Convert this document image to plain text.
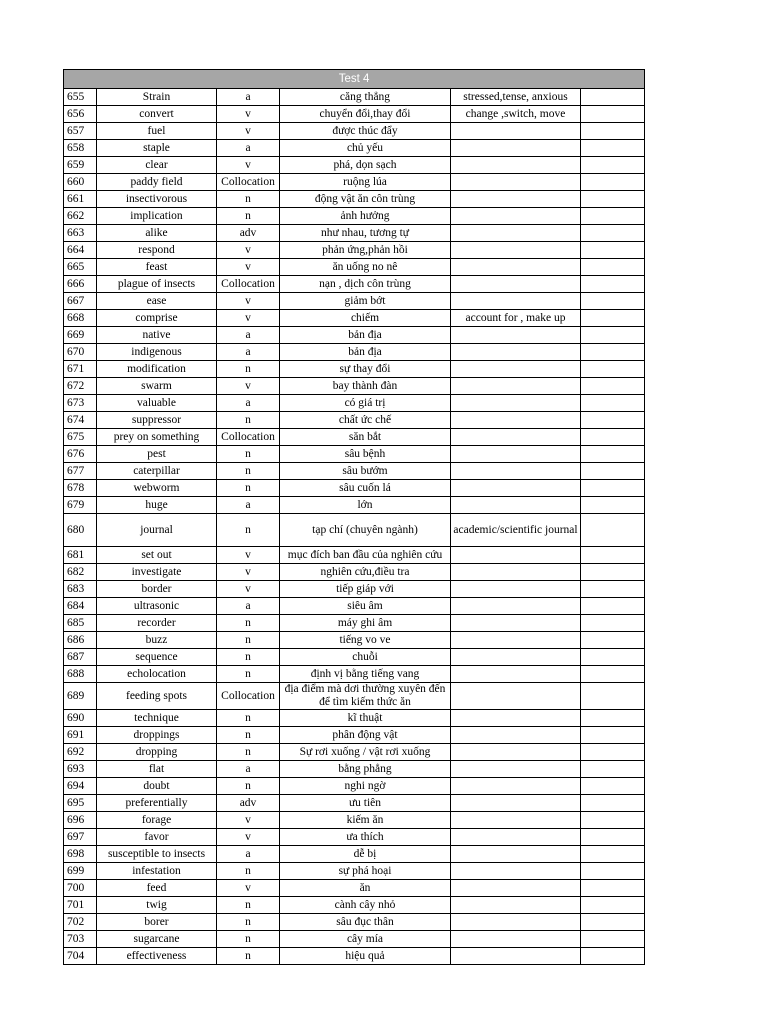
Test 4					
655	Strain	a	căng thẳng	stressed,tense, anxious	
656	convert	v	chuyển đổi,thay đổi	change ,switch, move	
657	fuel	v	được thúc đẩy		
658	staple	a	chủ yếu		
659	clear	v	phá, dọn sạch		
660	paddy field	Collocation	ruộng lúa		
661	insectivorous	n	động vật ăn côn trùng		
662	implication	n	ảnh hưởng		
663	alike	adv	như nhau, tương tự		
664	respond	v	phản ứng,phản hồi		
665	feast	v	ăn uống no nê		
666	plague of insects	Collocation	nạn , dịch côn trùng		
667	ease	v	giảm bớt		
668	comprise	v	chiếm	account for , make up	
669	native	a	bản địa		
670	indigenous	a	bản địa		
671	modification	n	sự thay đổi		
672	swarm	v	bay thành đàn		
673	valuable	a	có giá trị		
674	suppressor	n	chất ức chế		
675	prey on something	Collocation	săn bắt		
676	pest	n	sâu bệnh		
677	caterpillar	n	sâu bướm		
678	webworm	n	sâu cuốn lá		
679	huge	a	lớn		
680	journal	n	tạp chí (chuyên ngành)	academic/scientific journal	
681	set out	v	mục đích ban đầu của nghiên cứu		
682	investigate	v	nghiên cứu,điều tra		
683	border	v	tiếp giáp với		
684	ultrasonic	a	siêu âm		
685	recorder	n	máy ghi âm		
686	buzz	n	tiếng vo ve		
687	sequence	n	chuỗi		
688	echolocation	n	định vị bằng tiếng vang		
689	feeding spots	Collocation	địa điểm mà dơi thường xuyên đến để tìm kiếm thức ăn		
690	technique	n	kĩ thuật		
691	droppings	n	phân động vật		
692	dropping	n	Sự rơi xuống / vật rơi xuống		
693	flat	a	bằng phẳng		
694	doubt	n	nghi ngờ		
695	preferentially	adv	ưu tiên		
696	forage	v	kiếm ăn		
697	favor	v	ưa thích		
698	susceptible to insects	a	dễ bị		
699	infestation	n	sự phá hoại		
700	feed	v	ăn		
701	twig	n	cành cây nhỏ		
702	borer	n	sâu đục thân		
703	sugarcane	n	cây mía		
704	effectiveness	n	hiệu quả		
